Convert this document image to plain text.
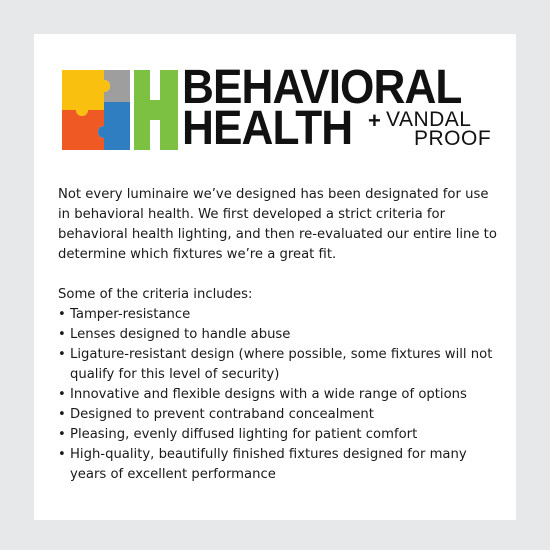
BEHAVIORAL
HEALTH + VANDAL
PROOF

Not every luminaire we’ve designed has been designated for use in behavioral health. We first developed a strict criteria for behavioral health lighting, and then re-evaluated our entire line to determine which fixtures we’re a great fit.

Some of the criteria includes:

• Tamper-resistance
• Lenses designed to handle abuse
• Ligature-resistant design (where possible, some fixtures will not qualify for this level of security)
• Innovative and flexible designs with a wide range of options
• Designed to prevent contraband concealment
• Pleasing, evenly diffused lighting for patient comfort
• High-quality, beautifully finished fixtures designed for many years of excellent performance
